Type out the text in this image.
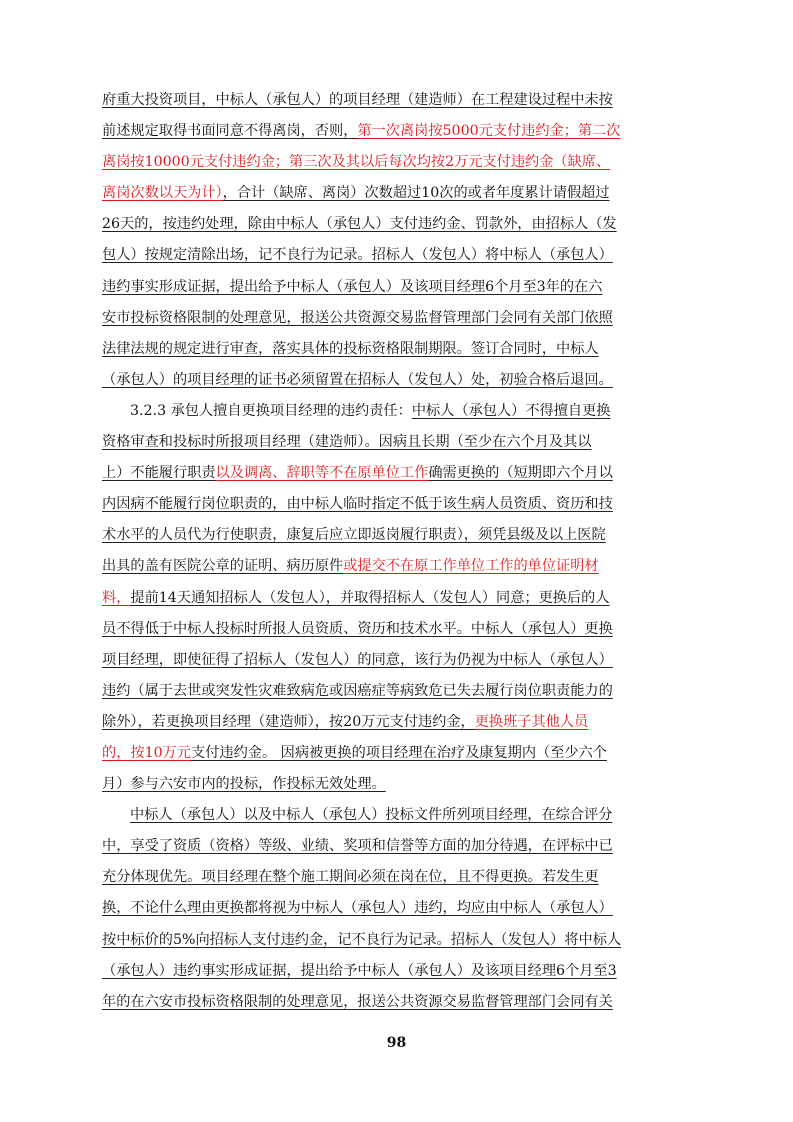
府重大投资项目，中标人（承包人）的项目经理（建造师）在工程建设过程中未按
前述规定取得书面同意不得离岗，否则，第一次离岗按5000元支付违约金；第二次
离岗按10000元支付违约金；第三次及其以后每次均按2万元支付违约金（缺席、
离岗次数以天为计），合计（缺席、离岗）次数超过10次的或者年度累计请假超过
26天的，按违约处理，除由中标人（承包人）支付违约金、罚款外，由招标人（发
包人）按规定清除出场，记不良行为记录。招标人（发包人）将中标人（承包人）
违约事实形成证据，提出给予中标人（承包人）及该项目经理6个月至3年的在六
安市投标资格限制的处理意见，报送公共资源交易监督管理部门会同有关部门依照
法律法规的规定进行审查，落实具体的投标资格限制期限。签订合同时，中标人
（承包人）的项目经理的证书必须留置在招标人（发包人）处，初验合格后退回。
3.2.3 承包人擅自更换项目经理的违约责任：中标人（承包人）不得擅自更换
资格审查和投标时所报项目经理（建造师）。因病且长期（至少在六个月及其以
上）不能履行职责以及调离、辞职等不在原单位工作确需更换的（短期即六个月以
内因病不能履行岗位职责的，由中标人临时指定不低于该生病人员资质、资历和技
术水平的人员代为行使职责，康复后应立即返岗履行职责），须凭县级及以上医院
出具的盖有医院公章的证明、病历原件或提交不在原工作单位工作的单位证明材
料，提前14天通知招标人（发包人），并取得招标人（发包人）同意；更换后的人
员不得低于中标人投标时所报人员资质、资历和技术水平。中标人（承包人）更换
项目经理，即使征得了招标人（发包人）的同意，该行为仍视为中标人（承包人）
违约（属于去世或突发性灾难致病危或因癌症等病致危已失去履行岗位职责能力的
除外），若更换项目经理（建造师），按20万元支付违约金，更换班子其他人员
的，按10万元支付违约金。 因病被更换的项目经理在治疗及康复期内（至少六个
月）参与六安市内的投标，作投标无效处理。
中标人（承包人）以及中标人（承包人）投标文件所列项目经理，在综合评分
中，享受了资质（资格）等级、业绩、奖项和信誉等方面的加分待遇，在评标中已
充分体现优先。项目经理在整个施工期间必须在岗在位，且不得更换。若发生更
换，不论什么理由更换都将视为中标人（承包人）违约，均应由中标人（承包人）
按中标价的5%向招标人支付违约金，记不良行为记录。招标人（发包人）将中标人
（承包人）违约事实形成证据，提出给予中标人（承包人）及该项目经理6个月至3
年的在六安市投标资格限制的处理意见，报送公共资源交易监督管理部门会同有关
98
